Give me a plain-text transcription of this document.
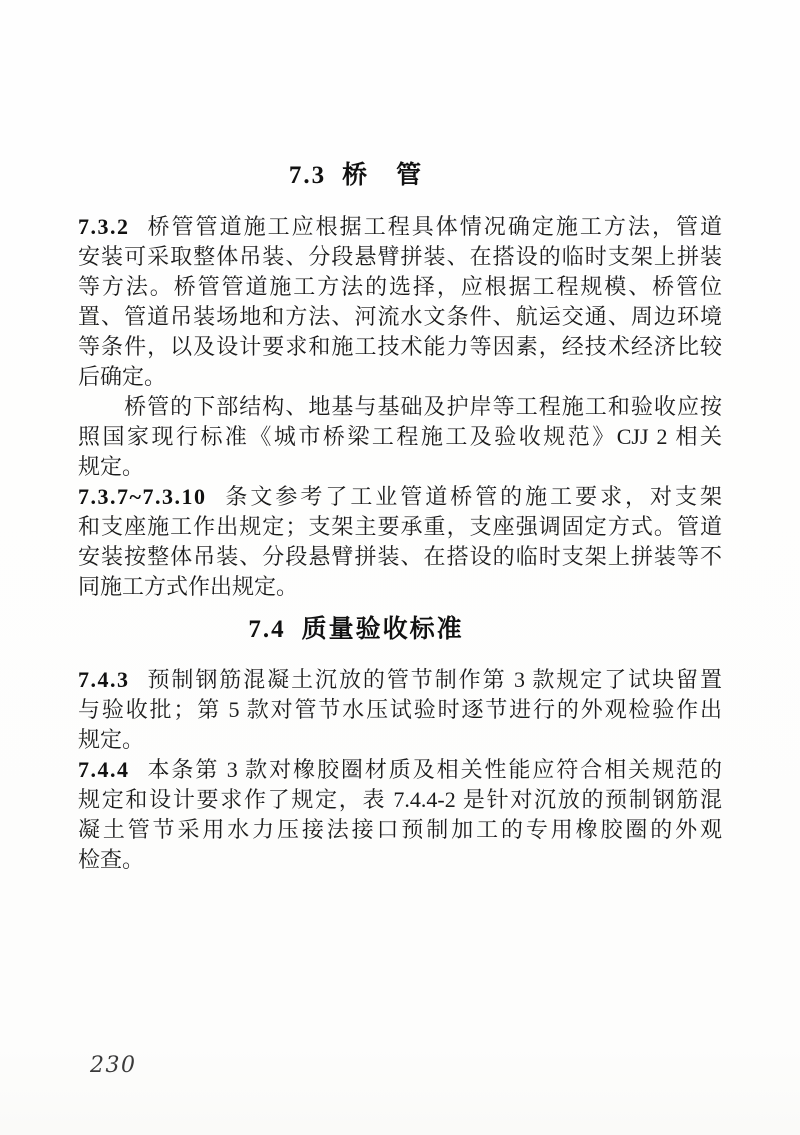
7.3 桥　管
7.3.2 桥管管道施工应根据工程具体情况确定施工方法，管道
安装可采取整体吊装、分段悬臂拼装、在搭设的临时支架上拼装
等方法。桥管管道施工方法的选择，应根据工程规模、桥管位
置、管道吊装场地和方法、河流水文条件、航运交通、周边环境
等条件，以及设计要求和施工技术能力等因素，经技术经济比较
后确定。
　　桥管的下部结构、地基与基础及护岸等工程施工和验收应按
照国家现行标准《城市桥梁工程施工及验收规范》CJJ 2 相关
规定。
7.3.7~7.3.10 条文参考了工业管道桥管的施工要求，对支架
和支座施工作出规定；支架主要承重，支座强调固定方式。管道
安装按整体吊装、分段悬臂拼装、在搭设的临时支架上拼装等不
同施工方式作出规定。
7.4 质量验收标准
7.4.3 预制钢筋混凝土沉放的管节制作第 3 款规定了试块留置
与验收批；第 5 款对管节水压试验时逐节进行的外观检验作出
规定。
7.4.4 本条第 3 款对橡胶圈材质及相关性能应符合相关规范的
规定和设计要求作了规定，表 7.4.4-2 是针对沉放的预制钢筋混
凝土管节采用水力压接法接口预制加工的专用橡胶圈的外观
检查。
230
